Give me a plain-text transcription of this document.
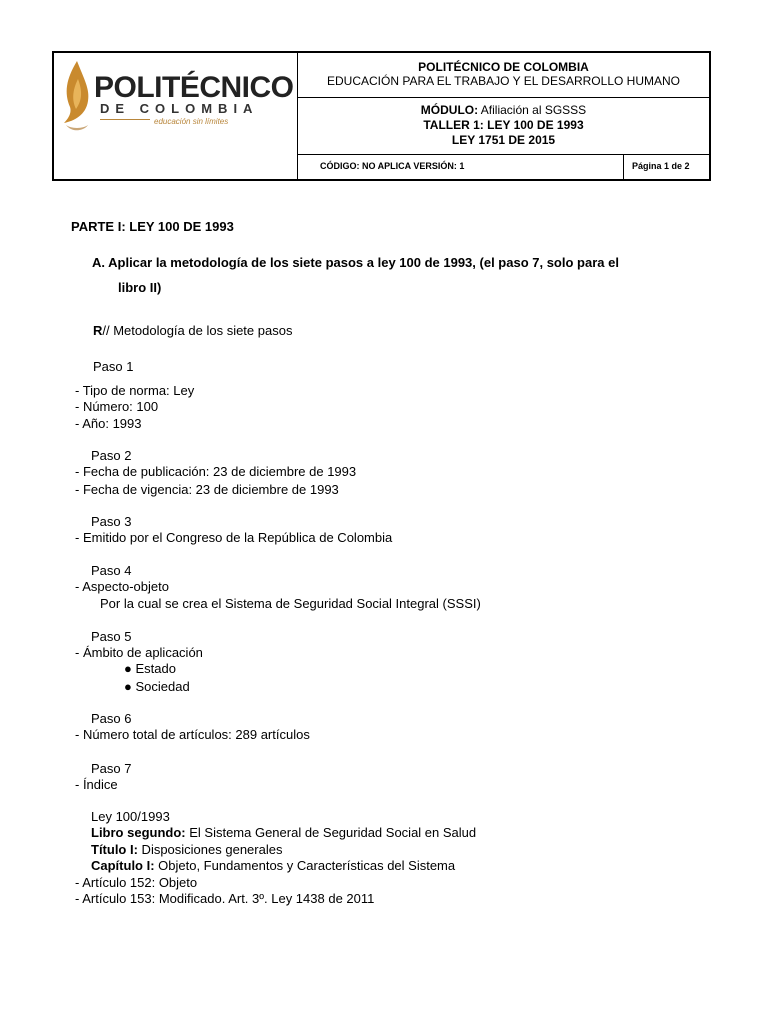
POLITÉCNICO
DE COLOMBIA
educación sin límites
POLITÉCNICO DE COLOMBIA
EDUCACIÓN PARA EL TRABAJO Y EL DESARROLLO HUMANO
MÓDULO: Afiliación al SGSSS
TALLER 1: LEY 100 DE 1993
LEY 1751 DE 2015
CÓDIGO: NO APLICA VERSIÓN: 1	Página 1 de 2
PARTE I: LEY 100 DE 1993
A. Aplicar la metodología de los siete pasos a ley 100 de 1993, (el paso 7, solo para el
libro II)
R// Metodología de los siete pasos
Paso 1
- Tipo de norma: Ley
- Número: 100
- Año: 1993
Paso 2
- Fecha de publicación: 23 de diciembre de 1993
- Fecha de vigencia: 23 de diciembre de 1993
Paso 3
- Emitido por el Congreso de la República de Colombia
Paso 4
- Aspecto-objeto
Por la cual se crea el Sistema de Seguridad Social Integral (SSSI)
Paso 5
- Ámbito de aplicación
● Estado
● Sociedad
Paso 6
- Número total de artículos: 289 artículos
Paso 7
- Índice
Ley 100/1993
Libro segundo: El Sistema General de Seguridad Social en Salud
Título I: Disposiciones generales
Capítulo I: Objeto, Fundamentos y Características del Sistema
- Artículo 152: Objeto
- Artículo 153: Modificado. Art. 3º. Ley 1438 de 2011
